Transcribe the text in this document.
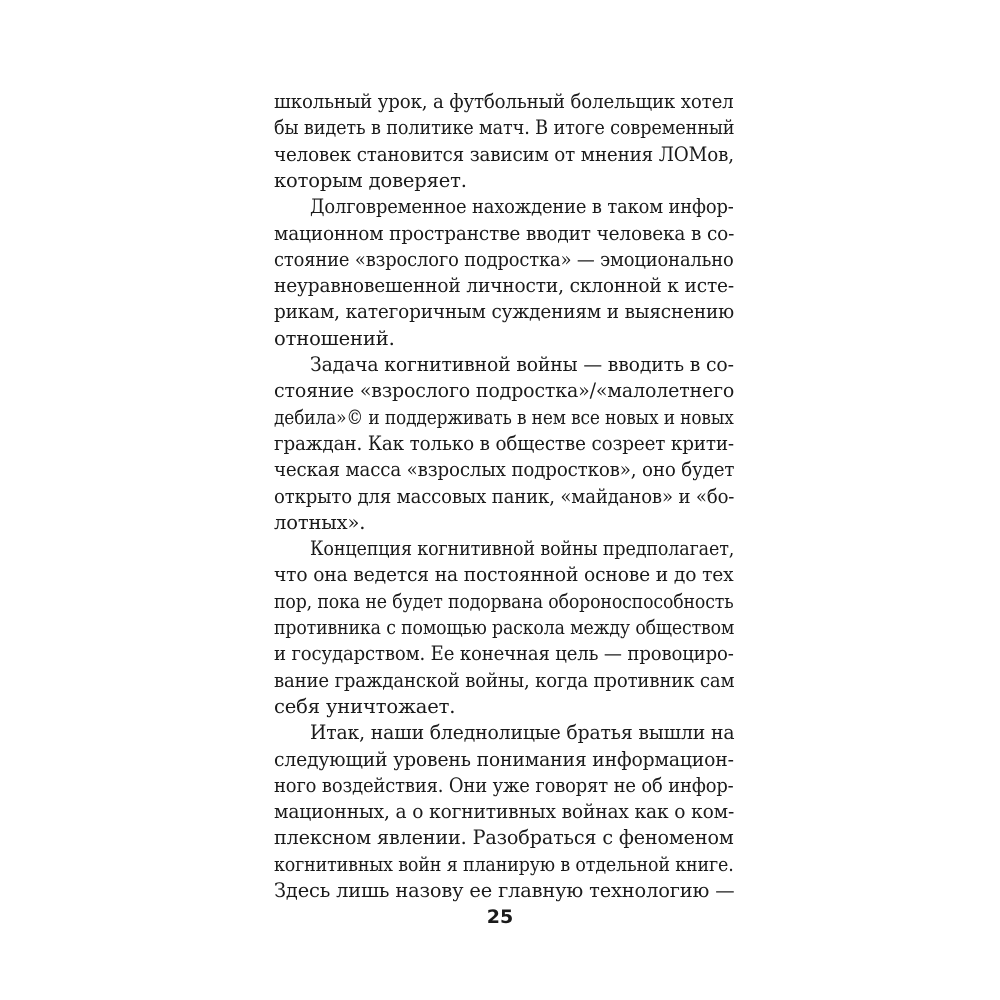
школьный урок, а футбольный болельщик хотел
бы видеть в политике матч. В итоге современный
человек становится зависим от мнения ЛОМов,
которым доверяет.
Долговременное нахождение в таком инфор-
мационном пространстве вводит человека в со-
стояние «взрослого подростка» — эмоционально
неуравновешенной личности, склонной к исте-
рикам, категоричным суждениям и выяснению
отношений.
Задача когнитивной войны — вводить в со-
стояние «взрослого подростка»/«малолетнего
дебила»© и поддерживать в нем все новых и новых
граждан. Как только в обществе созреет крити-
ческая масса «взрослых подростков», оно будет
открыто для массовых паник, «майданов» и «бо-
лотных».
Концепция когнитивной войны предполагает,
что она ведется на постоянной основе и до тех
пор, пока не будет подорвана обороноспособность
противника с помощью раскола между обществом
и государством. Ее конечная цель — провоциро-
вание гражданской войны, когда противник сам
себя уничтожает.
Итак, наши бледнолицые братья вышли на
следующий уровень понимания информацион-
ного воздействия. Они уже говорят не об инфор-
мационных, а о когнитивных войнах как о ком-
плексном явлении. Разобраться с феноменом
когнитивных войн я планирую в отдельной книге.
Здесь лишь назову ее главную технологию —
25
